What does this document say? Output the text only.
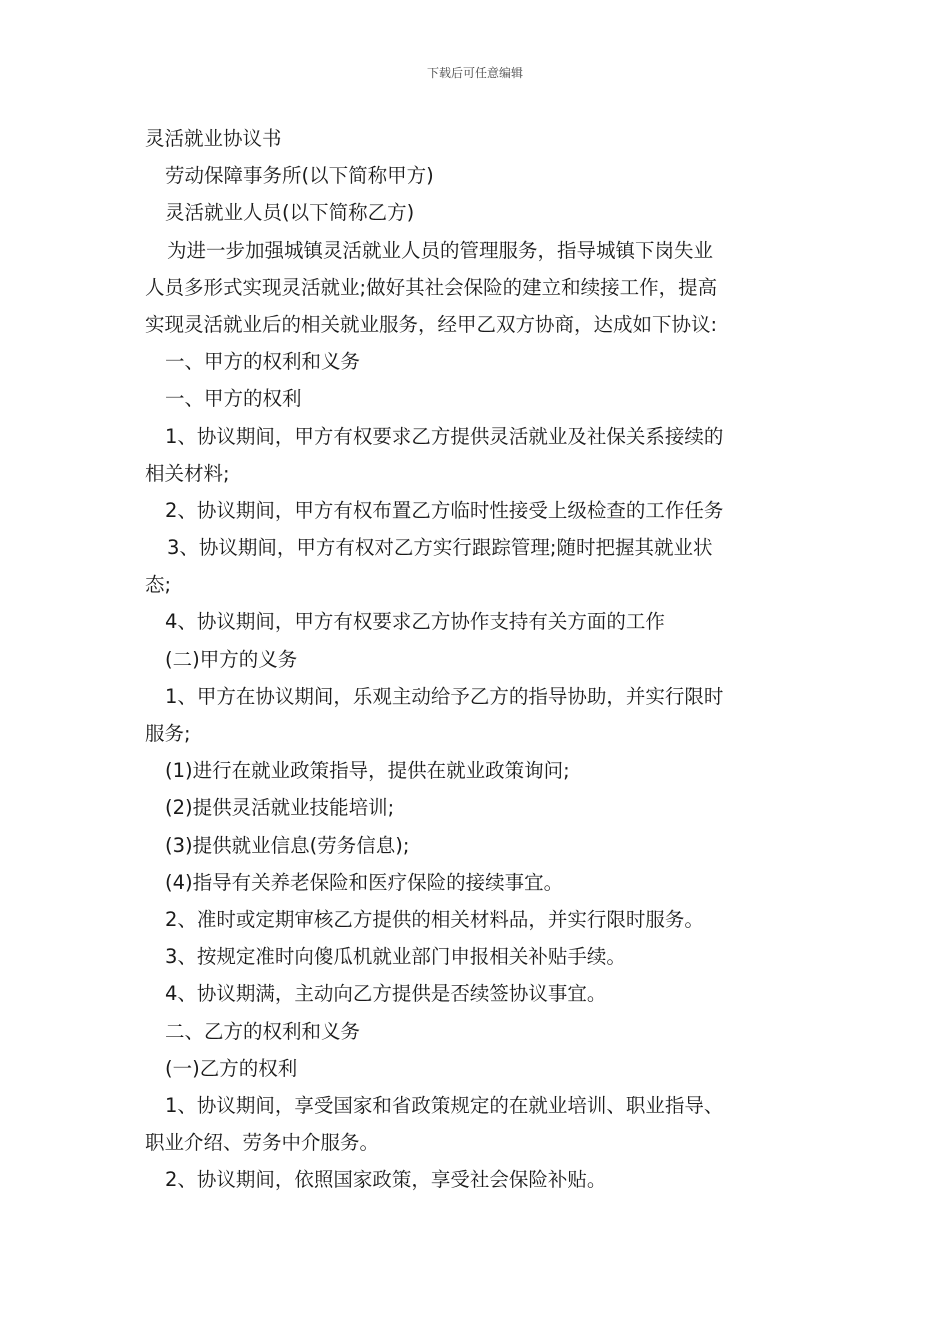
下载后可任意编辑
灵活就业协议书
劳动保障事务所(以下简称甲方)
灵活就业人员(以下简称乙方)
为进一步加强城镇灵活就业人员的管理服务，指导城镇下岗失业
人员多形式实现灵活就业;做好其社会保险的建立和续接工作，提高
实现灵活就业后的相关就业服务，经甲乙双方协商，达成如下协议:
一、甲方的权利和义务
一、甲方的权利
1、协议期间，甲方有权要求乙方提供灵活就业及社保关系接续的
相关材料;
2、协议期间，甲方有权布置乙方临时性接受上级检查的工作任务
3、协议期间，甲方有权对乙方实行跟踪管理;随时把握其就业状
态;
4、协议期间，甲方有权要求乙方协作支持有关方面的工作
(二)甲方的义务
1、甲方在协议期间，乐观主动给予乙方的指导协助，并实行限时
服务;
(1)进行在就业政策指导，提供在就业政策询问;
(2)提供灵活就业技能培训;
(3)提供就业信息(劳务信息);
(4)指导有关养老保险和医疗保险的接续事宜。
2、准时或定期审核乙方提供的相关材料品，并实行限时服务。
3、按规定准时向傻瓜机就业部门申报相关补贴手续。
4、协议期满，主动向乙方提供是否续签协议事宜。
二、乙方的权利和义务
(一)乙方的权利
1、协议期间，享受国家和省政策规定的在就业培训、职业指导、
职业介绍、劳务中介服务。
2、协议期间，依照国家政策，享受社会保险补贴。
